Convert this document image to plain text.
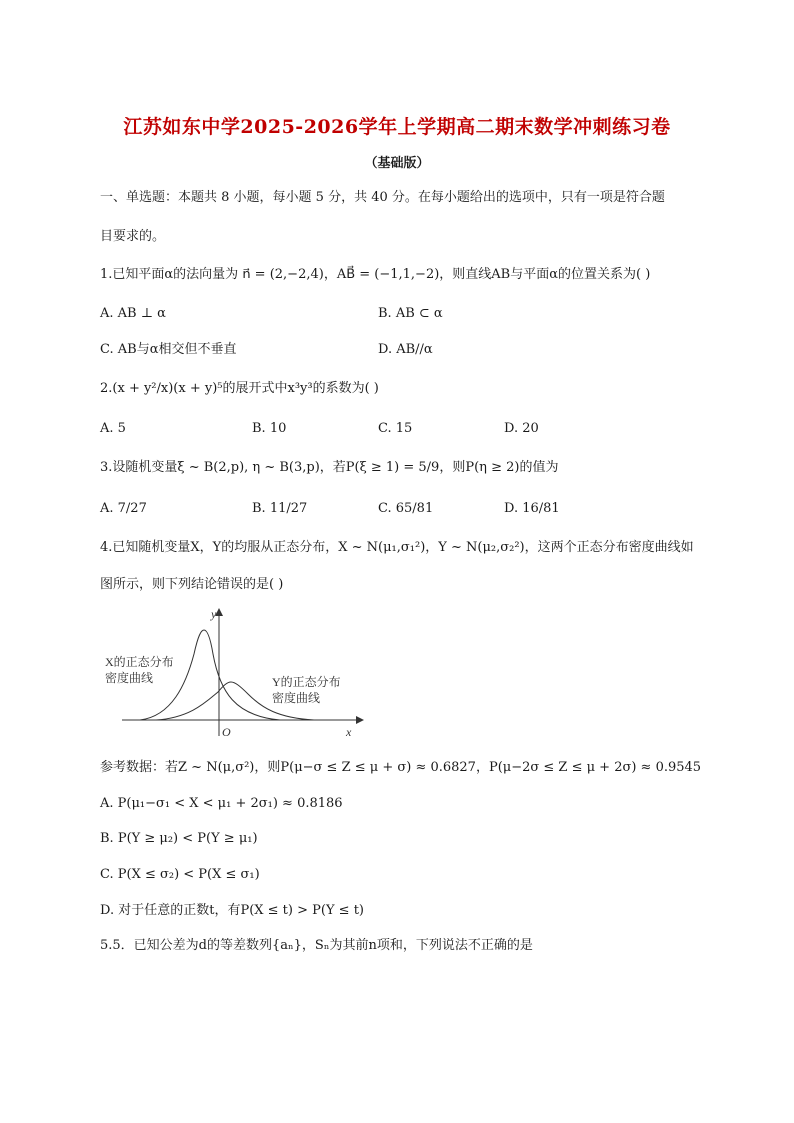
江苏如东中学2025-2026学年上学期高二期末数学冲刺练习卷
（基础版）
一、单选题：本题共 8 小题，每小题 5 分，共 40 分。在每小题给出的选项中，只有一项是符合题
目要求的。
1.已知平面α的法向量为 n⃗ = (2,−2,4)，AB⃗ = (−1,1,−2)，则直线AB与平面α的位置关系为( )
A. AB ⊥ α	B. AB ⊂ α
C. AB与α相交但不垂直	D. AB//α
2.(x + y²/x)(x + y)⁵的展开式中x³y³的系数为( )
A. 5	B. 10	C. 15	D. 20
3.设随机变量ξ ~ B(2,p), η ~ B(3,p)，若P(ξ ≥ 1) = 5/9，则P(η ≥ 2)的值为
A. 7/27	B. 11/27	C. 65/81	D. 16/81
4.已知随机变量X，Y的均服从正态分布，X ~ N(μ₁,σ₁²)，Y ~ N(μ₂,σ₂²)，这两个正态分布密度曲线如
图所示，则下列结论错误的是( )
X的正态分布
密度曲线	Y的正态分布
密度曲线
y
x
O
参考数据：若Z ~ N(μ,σ²)，则P(μ−σ ≤ Z ≤ μ + σ) ≈ 0.6827，P(μ−2σ ≤ Z ≤ μ + 2σ) ≈ 0.9545
A. P(μ₁−σ₁ < X < μ₁ + 2σ₁) ≈ 0.8186
B. P(Y ≥ μ₂) < P(Y ≥ μ₁)
C. P(X ≤ σ₂) < P(X ≤ σ₁)
D. 对于任意的正数t，有P(X ≤ t) > P(Y ≤ t)
5.5．已知公差为d的等差数列{aₙ}，Sₙ为其前n项和，下列说法不正确的是
